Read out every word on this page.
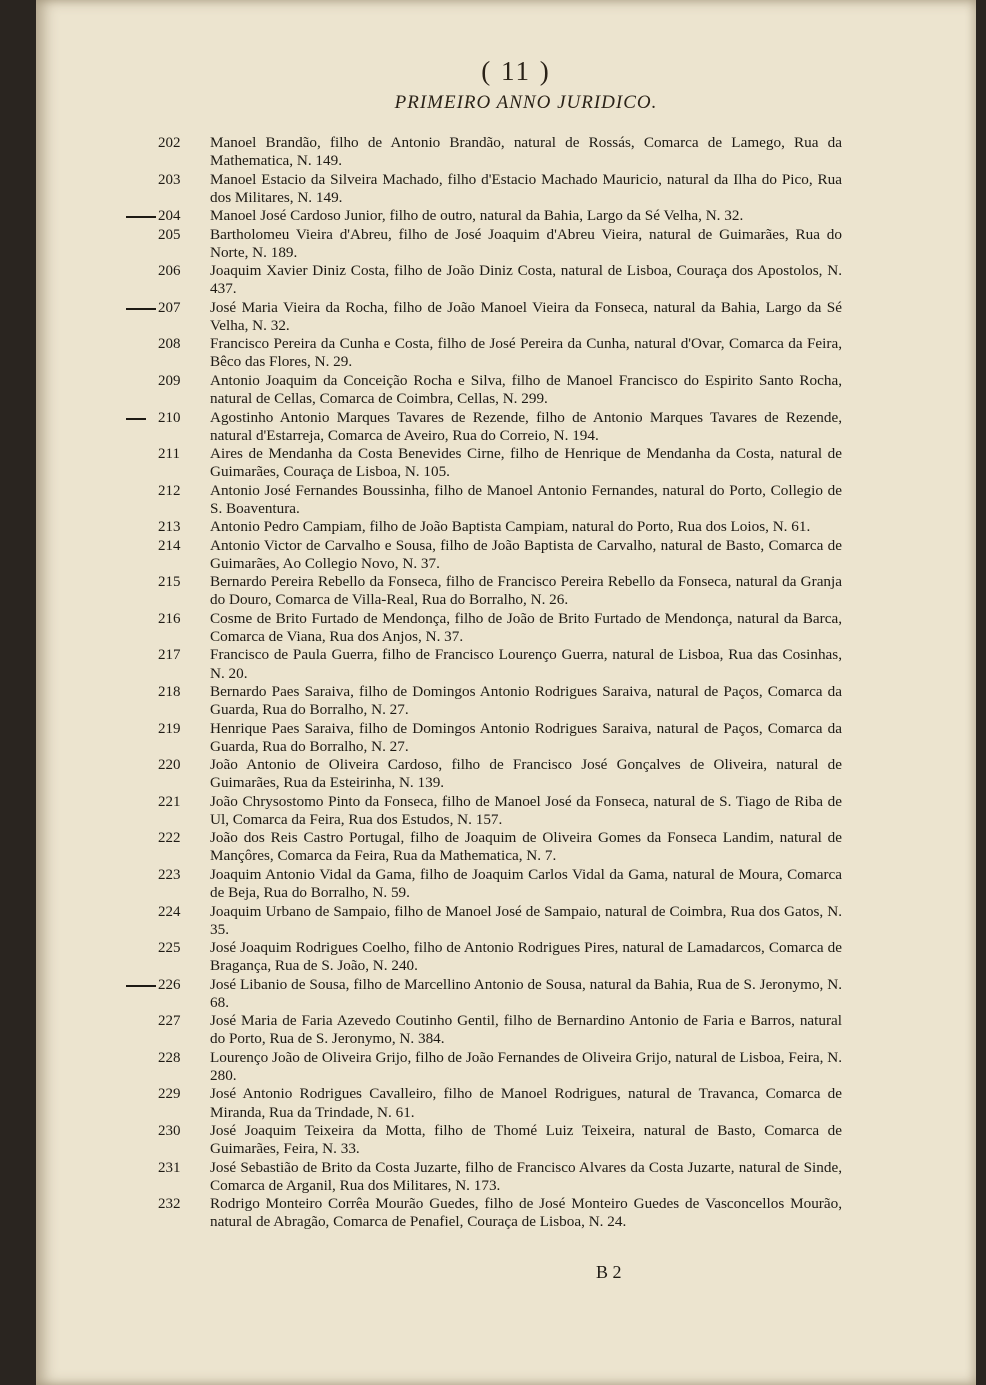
( 11 )
PRIMEIRO ANNO JURIDICO.
202	Manoel Brandão, filho de Antonio Brandão, natural de Rossás, Comarca de Lamego, Rua da Mathematica, N. 149.
203	Manoel Estacio da Silveira Machado, filho d'Estacio Machado Mauricio, natural da Ilha do Pico, Rua dos Militares, N. 149.
204	Manoel José Cardoso Junior, filho de outro, natural da Bahia, Largo da Sé Velha, N. 32.
205	Bartholomeu Vieira d'Abreu, filho de José Joaquim d'Abreu Vieira, natural de Guimarães, Rua do Norte, N. 189.
206	Joaquim Xavier Diniz Costa, filho de João Diniz Costa, natural de Lisboa, Couraça dos Apostolos, N. 437.
207	José Maria Vieira da Rocha, filho de João Manoel Vieira da Fonseca, natural da Bahia, Largo da Sé Velha, N. 32.
208	Francisco Pereira da Cunha e Costa, filho de José Pereira da Cunha, natural d'Ovar, Comarca da Feira, Bêco das Flores, N. 29.
209	Antonio Joaquim da Conceição Rocha e Silva, filho de Manoel Francisco do Espirito Santo Rocha, natural de Cellas, Comarca de Coimbra, Cellas, N. 299.
210	Agostinho Antonio Marques Tavares de Rezende, filho de Antonio Marques Tavares de Rezende, natural d'Estarreja, Comarca de Aveiro, Rua do Correio, N. 194.
211	Aires de Mendanha da Costa Benevides Cirne, filho de Henrique de Mendanha da Costa, natural de Guimarães, Couraça de Lisboa, N. 105.
212	Antonio José Fernandes Boussinha, filho de Manoel Antonio Fernandes, natural do Porto, Collegio de S. Boaventura.
213	Antonio Pedro Campiam, filho de João Baptista Campiam, natural do Porto, Rua dos Loios, N. 61.
214	Antonio Victor de Carvalho e Sousa, filho de João Baptista de Carvalho, natural de Basto, Comarca de Guimarães, Ao Collegio Novo, N. 37.
215	Bernardo Pereira Rebello da Fonseca, filho de Francisco Pereira Rebello da Fonseca, natural da Granja do Douro, Comarca de Villa-Real, Rua do Borralho, N. 26.
216	Cosme de Brito Furtado de Mendonça, filho de João de Brito Furtado de Mendonça, natural da Barca, Comarca de Viana, Rua dos Anjos, N. 37.
217	Francisco de Paula Guerra, filho de Francisco Lourenço Guerra, natural de Lisboa, Rua das Cosinhas, N. 20.
218	Bernardo Paes Saraiva, filho de Domingos Antonio Rodrigues Saraiva, natural de Paços, Comarca da Guarda, Rua do Borralho, N. 27.
219	Henrique Paes Saraiva, filho de Domingos Antonio Rodrigues Saraiva, natural de Paços, Comarca da Guarda, Rua do Borralho, N. 27.
220	João Antonio de Oliveira Cardoso, filho de Francisco José Gonçalves de Oliveira, natural de Guimarães, Rua da Esteirinha, N. 139.
221	João Chrysostomo Pinto da Fonseca, filho de Manoel José da Fonseca, natural de S. Tiago de Riba de Ul, Comarca da Feira, Rua dos Estudos, N. 157.
222	João dos Reis Castro Portugal, filho de Joaquim de Oliveira Gomes da Fonseca Landim, natural de Mançôres, Comarca da Feira, Rua da Mathematica, N. 7.
223	Joaquim Antonio Vidal da Gama, filho de Joaquim Carlos Vidal da Gama, natural de Moura, Comarca de Beja, Rua do Borralho, N. 59.
224	Joaquim Urbano de Sampaio, filho de Manoel José de Sampaio, natural de Coimbra, Rua dos Gatos, N. 35.
225	José Joaquim Rodrigues Coelho, filho de Antonio Rodrigues Pires, natural de Lamadarcos, Comarca de Bragança, Rua de S. João, N. 240.
226	José Libanio de Sousa, filho de Marcellino Antonio de Sousa, natural da Bahia, Rua de S. Jeronymo, N. 68.
227	José Maria de Faria Azevedo Coutinho Gentil, filho de Bernardino Antonio de Faria e Barros, natural do Porto, Rua de S. Jeronymo, N. 384.
228	Lourenço João de Oliveira Grijo, filho de João Fernandes de Oliveira Grijo, natural de Lisboa, Feira, N. 280.
229	José Antonio Rodrigues Cavalleiro, filho de Manoel Rodrigues, natural de Travanca, Comarca de Miranda, Rua da Trindade, N. 61.
230	José Joaquim Teixeira da Motta, filho de Thomé Luiz Teixeira, natural de Basto, Comarca de Guimarães, Feira, N. 33.
231	José Sebastião de Brito da Costa Juzarte, filho de Francisco Alvares da Costa Juzarte, natural de Sinde, Comarca de Arganil, Rua dos Militares, N. 173.
232	Rodrigo Monteiro Corrêa Mourão Guedes, filho de José Monteiro Guedes de Vasconcellos Mourão, natural de Abragão, Comarca de Penafiel, Couraça de Lisboa, N. 24.
B 2
